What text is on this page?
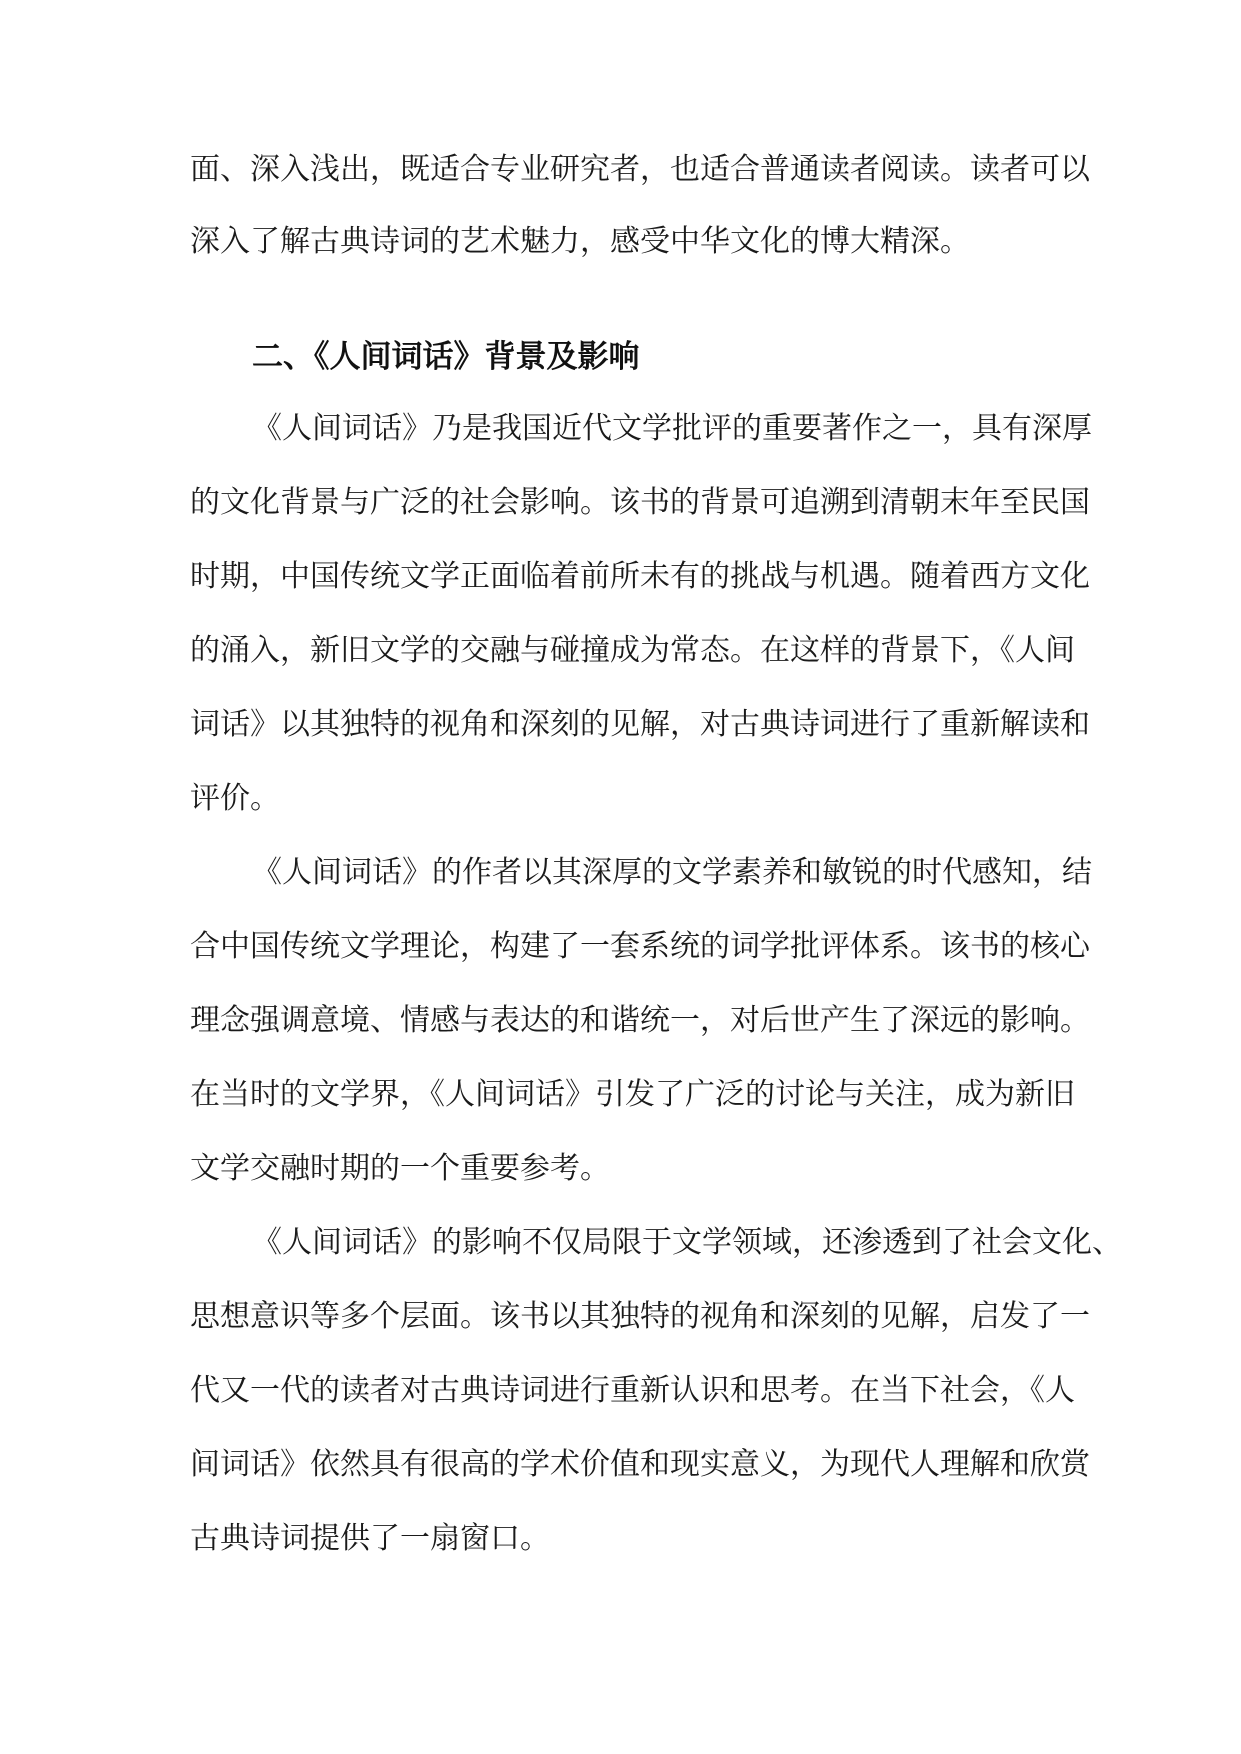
面、深入浅出，既适合专业研究者，也适合普通读者阅读。读者可以

深入了解古典诗词的艺术魅力，感受中华文化的博大精深。

二、《人间词话》背景及影响

《人间词话》乃是我国近代文学批评的重要著作之一，具有深厚

的文化背景与广泛的社会影响。该书的背景可追溯到清朝末年至民国

时期，中国传统文学正面临着前所未有的挑战与机遇。随着西方文化

的涌入，新旧文学的交融与碰撞成为常态。在这样的背景下，《人间

词话》以其独特的视角和深刻的见解，对古典诗词进行了重新解读和

评价。

《人间词话》的作者以其深厚的文学素养和敏锐的时代感知，结

合中国传统文学理论，构建了一套系统的词学批评体系。该书的核心

理念强调意境、情感与表达的和谐统一，对后世产生了深远的影响。

在当时的文学界，《人间词话》引发了广泛的讨论与关注，成为新旧

文学交融时期的一个重要参考。

《人间词话》的影响不仅局限于文学领域，还渗透到了社会文化、

思想意识等多个层面。该书以其独特的视角和深刻的见解，启发了一

代又一代的读者对古典诗词进行重新认识和思考。在当下社会，《人

间词话》依然具有很高的学术价值和现实意义，为现代人理解和欣赏

古典诗词提供了一扇窗口。
